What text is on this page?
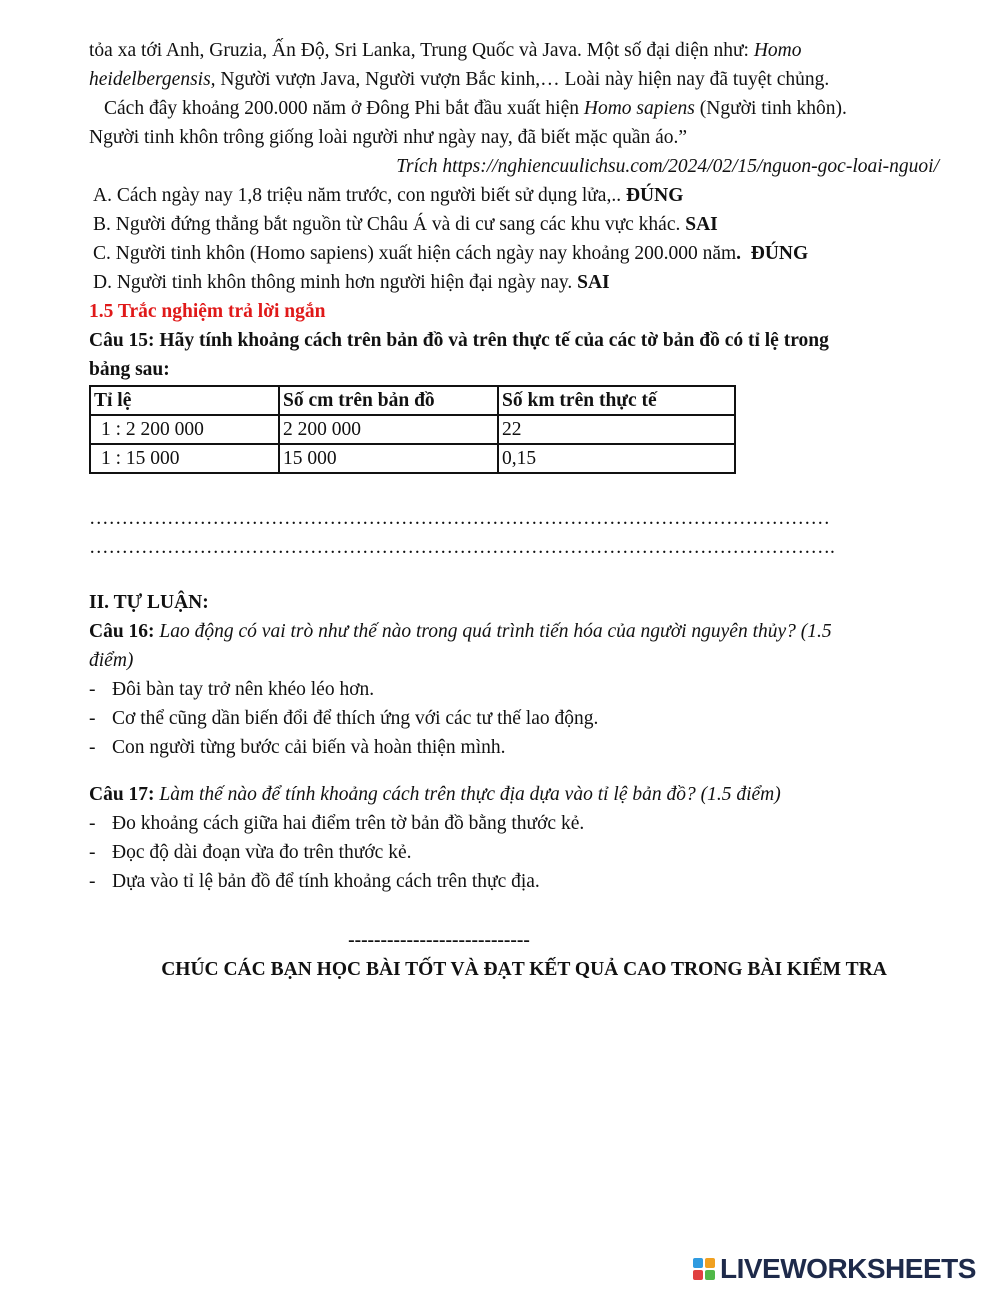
tỏa xa tới Anh, Gruzia, Ấn Độ, Sri Lanka, Trung Quốc và Java. Một số đại diện như: Homo
heidelbergensis, Người vượn Java, Người vượn Bắc kinh,… Loài này hiện nay đã tuyệt chủng.
Cách đây khoảng 200.000 năm ở Đông Phi bắt đầu xuất hiện Homo sapiens (Người tinh khôn).
Người tinh khôn trông giống loài người như ngày nay, đã biết mặc quần áo.”
Trích https://nghiencuulichsu.com/2024/02/15/nguon-goc-loai-nguoi/
A. Cách ngày nay 1,8 triệu năm trước, con người biết sử dụng lửa,.. ĐÚNG
B. Người đứng thẳng bắt nguồn từ Châu Á và di cư sang các khu vực khác. SAI
C. Người tinh khôn (Homo sapiens) xuất hiện cách ngày nay khoảng 200.000 năm. ĐÚNG
D. Người tinh khôn thông minh hơn người hiện đại ngày nay. SAI
1.5 Trắc nghiệm trả lời ngắn
Câu 15: Hãy tính khoảng cách trên bản đồ và trên thực tế của các tờ bản đồ có tỉ lệ trong
bảng sau:
Tỉ lệ	Số cm trên bản đồ	Số km trên thực tế
1 : 2 200 000	2 200 000	22
1 : 15 000	15 000	0,15
……………………………………………………………………………………………………
…………………………………………………………………………………………………….
II. TỰ LUẬN:
Câu 16: Lao động có vai trò như thế nào trong quá trình tiến hóa của người nguyên thủy? (1.5
điểm)
- Đôi bàn tay trở nên khéo léo hơn.
- Cơ thể cũng dần biến đổi để thích ứng với các tư thế lao động.
- Con người từng bước cải biến và hoàn thiện mình.
Câu 17: Làm thế nào để tính khoảng cách trên thực địa dựa vào tỉ lệ bản đồ? (1.5 điểm)
- Đo khoảng cách giữa hai điểm trên tờ bản đồ bằng thước kẻ.
- Đọc độ dài đoạn vừa đo trên thước kẻ.
- Dựa vào tỉ lệ bản đồ để tính khoảng cách trên thực địa.
----------------------------
CHÚC CÁC BẠN HỌC BÀI TỐT VÀ ĐẠT KẾT QUẢ CAO TRONG BÀI KIỂM TRA
LIVEWORKSHEETS
